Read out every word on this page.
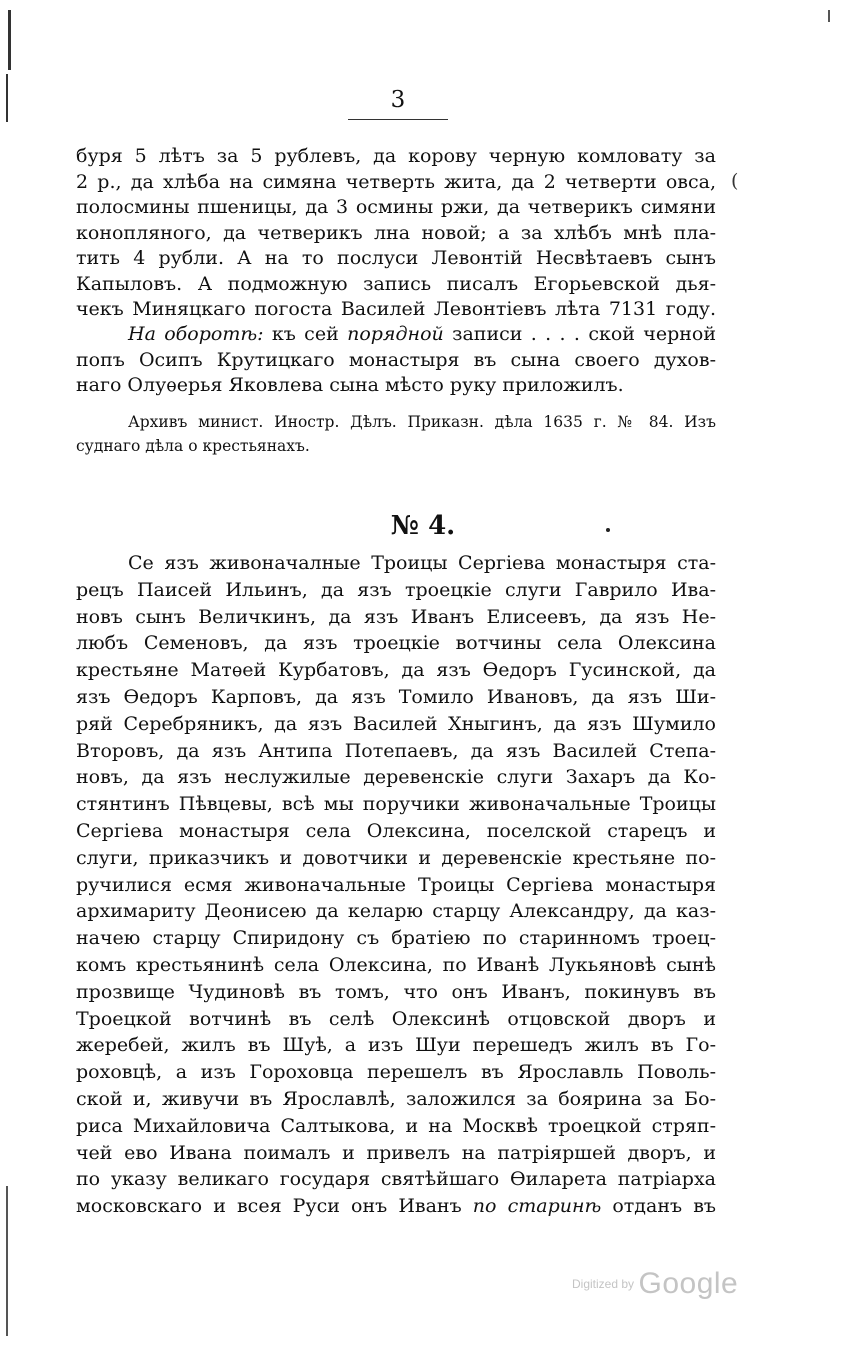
3
(
буря 5 лѣтъ за 5 рублевъ, да корову черную комловату за
2 р., да хлѣба на симяна четверть жита, да 2 четверти овса,
полосмины пшеницы, да 3 осмины ржи, да четверикъ симяни
конопляного, да четверикъ лна новой; а за хлѣбъ мнѣ пла-
тить 4 рубли. А на то послуси Левонтiй Несвѣтаевъ сынъ
Капыловъ. А подможную запись писалъ Егорьевской дья-
чекъ Миняцкаго погоста Василей Левонтiевъ лѣта 7131 году.
На оборотѣ: къ сей порядной записи . . . . ской черной
попъ Осипъ Крутицкаго монастыря въ сына своего духов-
наго Олуѳерья Яковлева сына мѣсто руку приложилъ.
Архивъ минист. Иностр. Дѣлъ. Приказн. дѣла 1635 г. № 84. Изъ
суднаго дѣла о крестьянахъ.
№ 4.
Се язъ живоначалные Троицы Сергiева монастыря ста-
рецъ Паисей Ильинъ, да язъ троецкiе слуги Гаврило Ива-
новъ сынъ Величкинъ, да язъ Иванъ Елисеевъ, да язъ Не-
любъ Семеновъ, да язъ троецкiе вотчины села Олексина
крестьяне Матѳей Курбатовъ, да язъ Ѳедоръ Гусинской, да
язъ Ѳедоръ Карповъ, да язъ Томило Ивановъ, да язъ Ши-
ряй Серебряникъ, да язъ Василей Хныгинъ, да язъ Шумило
Второвъ, да язъ Антипа Потепаевъ, да язъ Василей Степа-
новъ, да язъ неслужилые деревенскiе слуги Захаръ да Ко-
стянтинъ Пѣвцевы, всѣ мы поручики живоначальные Троицы
Сергiева монастыря села Олексина, поселской старецъ и
слуги, приказчикъ и довотчики и деревенскiе крестьяне по-
ручилися есмя живоначальные Троицы Сергiева монастыря
архимариту Деонисею да келарю старцу Александру, да каз-
начею старцу Спиридону съ братiею по старинномъ троец-
комъ крестьянинѣ села Олексина, по Иванѣ Лукьяновѣ сынѣ
прозвище Чудиновѣ въ томъ, что онъ Иванъ, покинувъ въ
Троецкой вотчинѣ въ селѣ Олексинѣ отцовской дворъ и
жеребей, жилъ въ Шуѣ, а изъ Шуи перешедъ жилъ въ Го-
роховцѣ, а изъ Гороховца перешелъ въ Ярославль Поволь-
ской и, живучи въ Ярославлѣ, заложился за боярина за Бо-
риса Михайловича Салтыкова, и на Москвѣ троецкой стряп-
чей ево Ивана поималъ и привелъ на патрiяршей дворъ, и
по указу великаго государя святѣйшаго Ѳиларета патрiарха
московскаго и всея Руси онъ Иванъ по старинѣ отданъ въ
Digitized by Google
